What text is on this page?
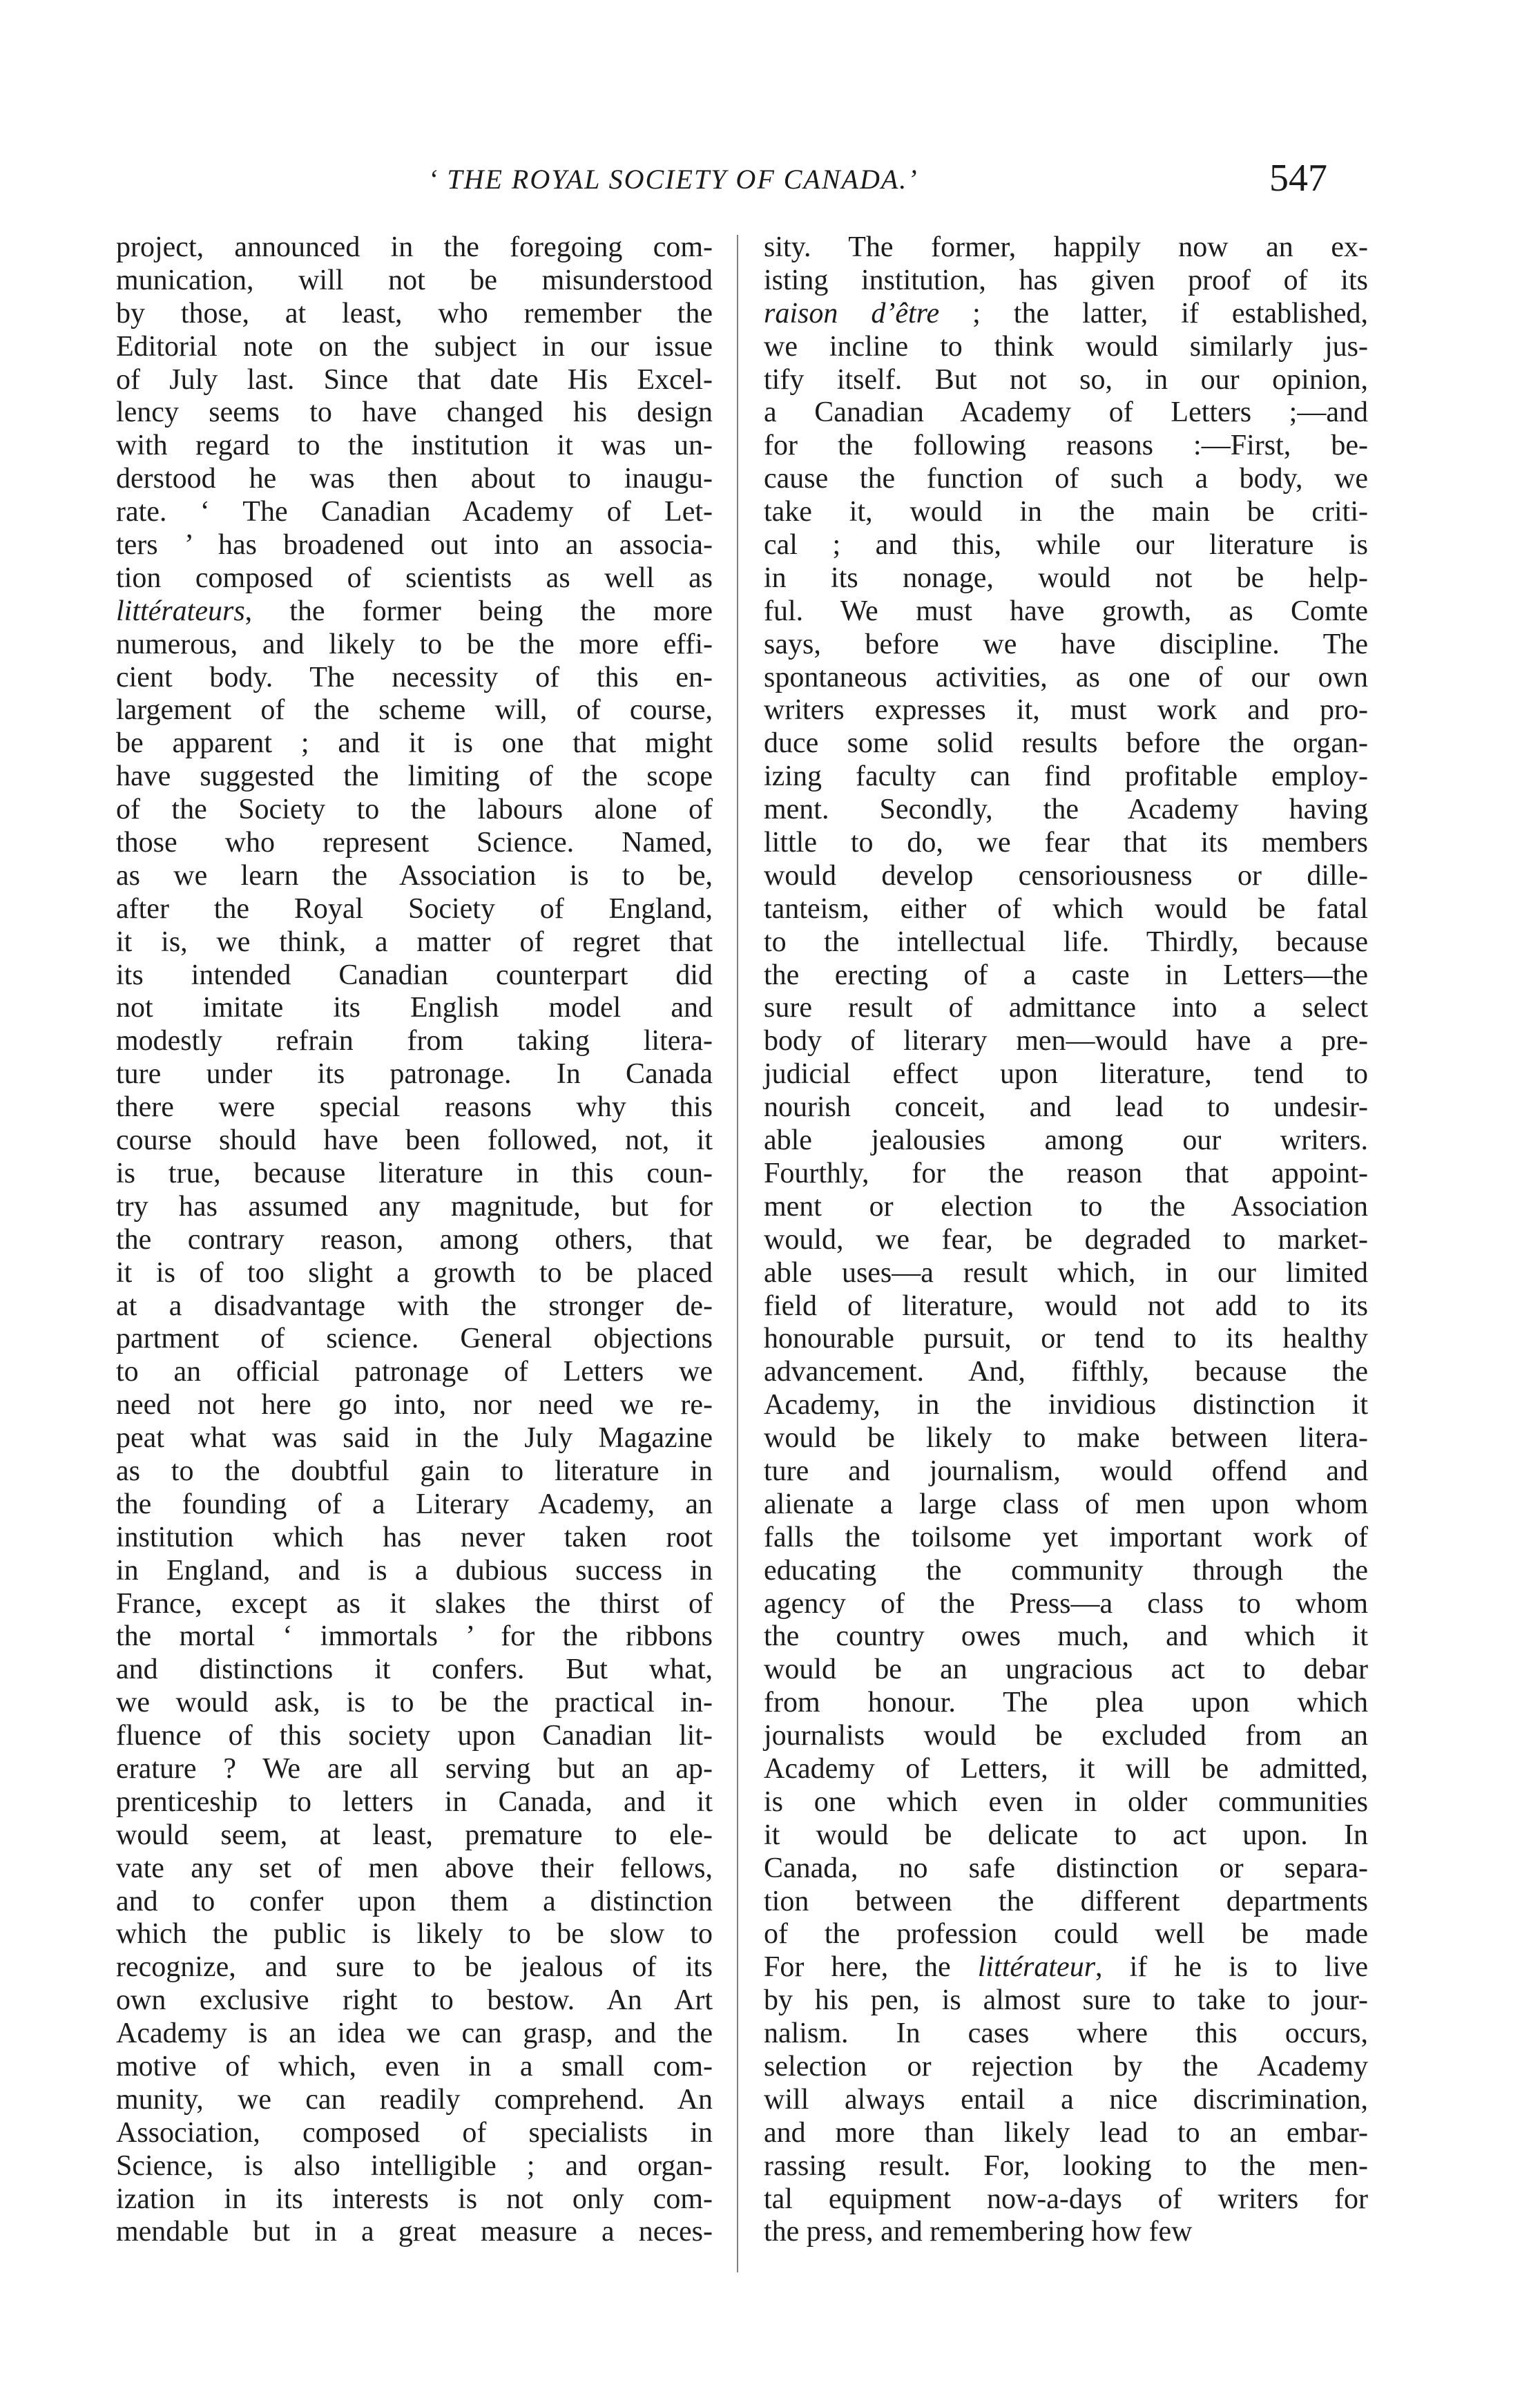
‘ THE ROYAL SOCIETY OF CANADA.’	547
project, announced in the foregoing com-
munication, will not be misunderstood
by those, at least, who remember the
Editorial note on the subject in our issue
of July last. Since that date His Excel-
lency seems to have changed his design
with regard to the institution it was un-
derstood he was then about to inaugu-
rate. ‘ The Canadian Academy of Let-
ters ’ has broadened out into an associa-
tion composed of scientists as well as
littérateurs, the former being the more
numerous, and likely to be the more effi-
cient body. The necessity of this en-
largement of the scheme will, of course,
be apparent ; and it is one that might
have suggested the limiting of the scope
of the Society to the labours alone of
those who represent Science. Named,
as we learn the Association is to be,
after the Royal Society of England,
it is, we think, a matter of regret that
its intended Canadian counterpart did
not imitate its English model and
modestly refrain from taking litera-
ture under its patronage. In Canada
there were special reasons why this
course should have been followed, not, it
is true, because literature in this coun-
try has assumed any magnitude, but for
the contrary reason, among others, that
it is of too slight a growth to be placed
at a disadvantage with the stronger de-
partment of science. General objections
to an official patronage of Letters we
need not here go into, nor need we re-
peat what was said in the July Magazine
as to the doubtful gain to literature in
the founding of a Literary Academy, an
institution which has never taken root
in England, and is a dubious success in
France, except as it slakes the thirst of
the mortal ‘ immortals ’ for the ribbons
and distinctions it confers. But what,
we would ask, is to be the practical in-
fluence of this society upon Canadian lit-
erature ? We are all serving but an ap-
prenticeship to letters in Canada, and it
would seem, at least, premature to ele-
vate any set of men above their fellows,
and to confer upon them a distinction
which the public is likely to be slow to
recognize, and sure to be jealous of its
own exclusive right to bestow. An Art
Academy is an idea we can grasp, and the
motive of which, even in a small com-
munity, we can readily comprehend. An
Association, composed of specialists in
Science, is also intelligible ; and organ-
ization in its interests is not only com-
mendable but in a great measure a neces-
sity. The former, happily now an ex-
isting institution, has given proof of its
raison d’être ; the latter, if established,
we incline to think would similarly jus-
tify itself. But not so, in our opinion,
a Canadian Academy of Letters ;—and
for the following reasons :—First, be-
cause the function of such a body, we
take it, would in the main be criti-
cal ; and this, while our literature is
in its nonage, would not be help-
ful. We must have growth, as Comte
says, before we have discipline. The
spontaneous activities, as one of our own
writers expresses it, must work and pro-
duce some solid results before the organ-
izing faculty can find profitable employ-
ment. Secondly, the Academy having
little to do, we fear that its members
would develop censoriousness or dille-
tanteism, either of which would be fatal
to the intellectual life. Thirdly, because
the erecting of a caste in Letters—the
sure result of admittance into a select
body of literary men—would have a pre-
judicial effect upon literature, tend to
nourish conceit, and lead to undesir-
able jealousies among our writers.
Fourthly, for the reason that appoint-
ment or election to the Association
would, we fear, be degraded to market-
able uses—a result which, in our limited
field of literature, would not add to its
honourable pursuit, or tend to its healthy
advancement. And, fifthly, because the
Academy, in the invidious distinction it
would be likely to make between litera-
ture and journalism, would offend and
alienate a large class of men upon whom
falls the toilsome yet important work of
educating the community through the
agency of the Press—a class to whom
the country owes much, and which it
would be an ungracious act to debar
from honour. The plea upon which
journalists would be excluded from an
Academy of Letters, it will be admitted,
is one which even in older communities
it would be delicate to act upon. In
Canada, no safe distinction or separa-
tion between the different departments
of the profession could well be made
For here, the littérateur, if he is to live
by his pen, is almost sure to take to jour-
nalism. In cases where this occurs,
selection or rejection by the Academy
will always entail a nice discrimination,
and more than likely lead to an embar-
rassing result. For, looking to the men-
tal equipment now-a-days of writers for
the press, and remembering how few
